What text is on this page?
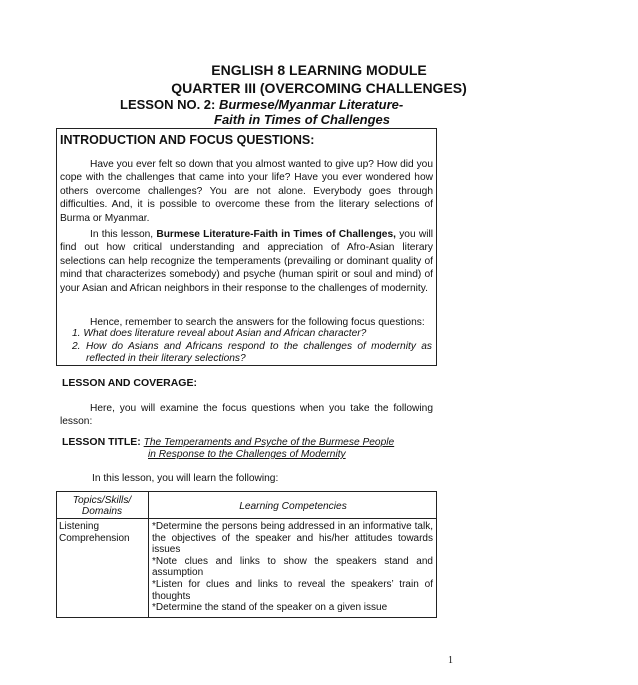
ENGLISH 8 LEARNING MODULE
QUARTER III (OVERCOMING CHALLENGES)
LESSON NO. 2: Burmese/Myanmar Literature-
Faith in Times of Challenges
INTRODUCTION AND FOCUS QUESTIONS:
Have you ever felt so down that you almost wanted to give up? How did you cope with the challenges that came into your life? Have you ever wondered how others overcome challenges? You are not alone. Everybody goes through difficulties. And, it is possible to overcome these from the literary selections of Burma or Myanmar.
In this lesson, Burmese Literature-Faith in Times of Challenges, you will find out how critical understanding and appreciation of Afro-Asian literary selections can help recognize the temperaments (prevailing or dominant quality of mind that characterizes somebody) and psyche (human spirit or soul and mind) of your Asian and African neighbors in their response to the challenges of modernity.
Hence, remember to search the answers for the following focus questions:
1. What does literature reveal about Asian and African character?
2. How do Asians and Africans respond to the challenges of modernity as reflected in their literary selections?
LESSON AND COVERAGE:
Here, you will examine the focus questions when you take the following lesson:
LESSON TITLE: The Temperaments and Psyche of the Burmese People
in Response to the Challenges of Modernity
In this lesson, you will learn the following:
Topics/Skills/
Domains	Learning Competencies
Listening
Comprehension
*Determine the persons being addressed in an informative talk, the objectives of the speaker and his/her attitudes towards issues
*Note clues and links to show the speakers stand and assumption
*Listen for clues and links to reveal the speakers’ train of thoughts
*Determine the stand of the speaker on a given issue
1
